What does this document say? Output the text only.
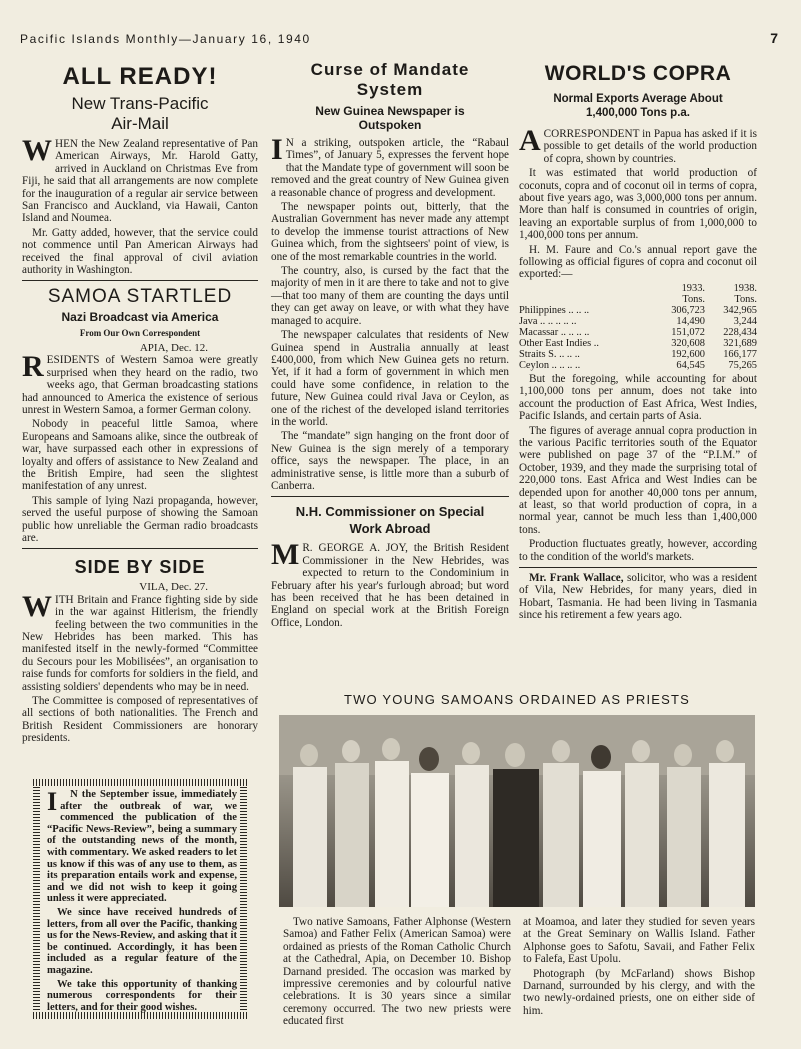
Pacific Islands Monthly—January 16, 1940	7
ALL READY!
New Trans-Pacific Air-Mail
W HEN the New Zealand representative of Pan American Airways, Mr. Harold Gatty, arrived in Auckland on Christmas Eve from Fiji, he said that all arrangements are now complete for the inauguration of a regular air service between San Francisco and Auckland, via Hawaii, Canton Island and Noumea.

Mr. Gatty added, however, that the service could not commence until Pan American Airways had received the final approval of civil aviation authority in Washington.

SAMOA STARTLED
Nazi Broadcast via America
From Our Own Correspondent
APIA, Dec. 12.
R ESIDENTS of Western Samoa were greatly surprised when they heard on the radio, two weeks ago, that German broadcasting stations had announced to America the existence of serious unrest in Western Samoa, a former German colony.

Nobody in peaceful little Samoa, where Europeans and Samoans alike, since the outbreak of war, have surpassed each other in expressions of loyalty and offers of assistance to New Zealand and the British Empire, had seen the slightest manifestation of any unrest.

This sample of lying Nazi propaganda, however, served the useful purpose of showing the Samoan public how unreliable the German radio broadcasts are.

SIDE BY SIDE
VILA, Dec. 27.
W ITH Britain and France fighting side by side in the war against Hitlerism, the friendly feeling between the two communities in the New Hebrides has been marked. This has manifested itself in the newly-formed “Committee du Secours pour les Mobilisées”, an organisation to raise funds for comforts for soldiers in the field, and assisting soldiers' dependents who may be in need.

The Committee is composed of representatives of all sections of both nationalities. The French and British Resident Commissioners are honorary presidents.

I	N the September issue, immediately after the outbreak of war, we commenced the publication of the “Pacific News-Review”, being a summary of the outstanding news of the month, with commentary. We asked readers to let us know if this was of any use to them, as its preparation entails work and expense, and we did not wish to keep it going unless it were appreciated.

We since have received hundreds of letters, from all over the Pacific, thanking us for the News-Review, and asking that it be continued. Accordingly, it has been included as a regular feature of the magazine.

We take this opportunity of thanking numerous correspondents for their letters, and for their good wishes.

Curse of Mandate System
New Guinea Newspaper is Outspoken
I N a striking, outspoken article, the “Rabaul Times”, of January 5, expresses the fervent hope that the Mandate type of government will soon be removed and the great country of New Guinea given a reasonable chance of progress and development.

The newspaper points out, bitterly, that the Australian Government has never made any attempt to develop the immense tourist attractions of New Guinea which, from the sightseers' point of view, is one of the most remarkable countries in the world.

The country, also, is cursed by the fact that the majority of men in it are there to take and not to give—that too many of them are counting the days until they can get away on leave, or with what they have managed to acquire.

The newspaper calculates that residents of New Guinea spend in Australia annually at least £400,000, from which New Guinea gets no return. Yet, if it had a form of government in which men could have some confidence, in relation to the future, New Guinea could rival Java or Ceylon, as one of the richest of the developed island territories in the world.

The “mandate” sign hanging on the front door of New Guinea is the sign merely of a temporary office, says the newspaper. The place, in an administrative sense, is little more than a suburb of Canberra.

N.H. Commissioner on Special Work Abroad
M R. GEORGE A. JOY, the British Resident Commissioner in the New Hebrides, was expected to return to the Condominium in February after his year's furlough abroad; but word has been received that he has been detained in England on special work at the British Foreign Office, London.

WORLD'S COPRA
Normal Exports Average About 1,400,000 Tons p.a.
A CORRESPONDENT in Papua has asked if it is possible to get details of the world production of copra, shown by countries.

It was estimated that world production of coconuts, copra and of coconut oil in terms of copra, about five years ago, was 3,000,000 tons per annum. More than half is consumed in countries of origin, leaving an exportable surplus of from 1,000,000 to 1,400,000 tons per annum.

H. M. Faure and Co.'s annual report gave the following as official figures of copra and coconut oil exported:—

	1933.	1938.
	Tons.	Tons.
Philippines .. .. ..	306,723	342,965
Java .. .. .. .. ..	14,490	3,244
Macassar .. .. .. ..	151,072	228,434
Other East Indies ..	320,608	321,689
Straits S. .. .. ..	192,600	166,177
Ceylon .. .. .. ..	64,545	75,265

But the foregoing, while accounting for about 1,100,000 tons per annum, does not take into account the production of East Africa, West Indies, Pacific Islands, and certain parts of Asia.

The figures of average annual copra production in the various Pacific territories south of the Equator were published on page 37 of the “P.I.M.” of October, 1939, and they made the surprising total of 220,000 tons. East Africa and West Indies can be depended upon for another 40,000 tons per annum, at least, so that world production of copra, in a normal year, cannot be much less than 1,400,000 tons.

Production fluctuates greatly, however, according to the condition of the world's markets.

Mr. Frank Wallace, solicitor, who was a resident of Vila, New Hebrides, for many years, died in Hobart, Tasmania. He had been living in Tasmania since his retirement a few years ago.

TWO YOUNG SAMOANS ORDAINED AS PRIESTS

Two native Samoans, Father Alphonse (Western Samoa) and Father Felix (American Samoa) were ordained as priests of the Roman Catholic Church at the Cathedral, Apia, on December 10. Bishop Darnand presided. The occasion was marked by impressive ceremonies and by colourful native celebrations. It is 30 years since a similar ceremony occurred. The two new priests were educated first

at Moamoa, and later they studied for seven years at the Great Seminary on Wallis Island. Father Alphonse goes to Safotu, Savaii, and Father Felix to Falefa, East Upolu.

Photograph (by McFarland) shows Bishop Darnand, surrounded by his clergy, and with the two newly-ordained priests, one on either side of him.
